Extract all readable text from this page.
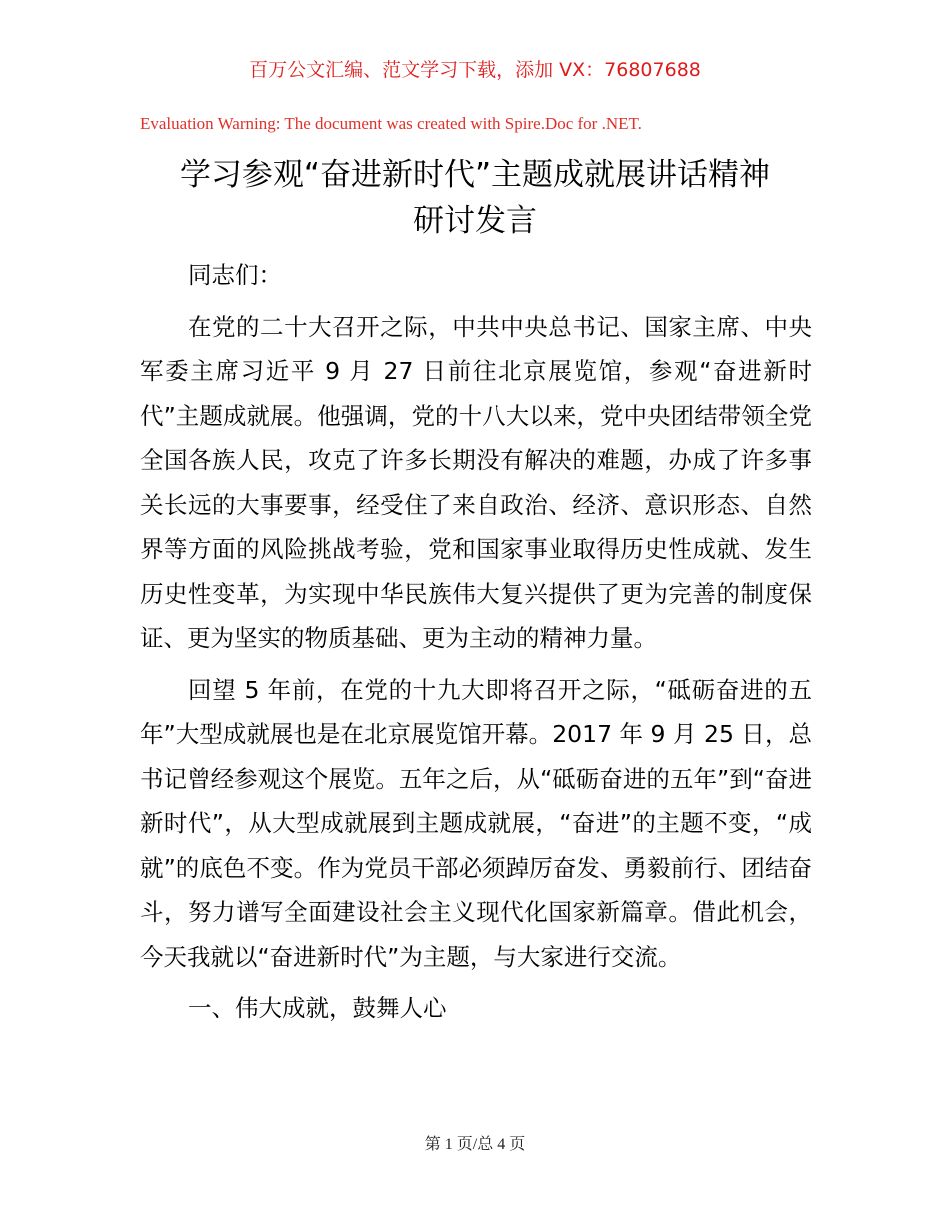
百万公文汇编、范文学习下载，添加 VX：76807688
Evaluation Warning: The document was created with Spire.Doc for .NET.
学习参观“奋进新时代”主题成就展讲话精神
研讨发言

同志们：

在党的二十大召开之际，中共中央总书记、国家主席、中央军委主席习近平 9 月 27 日前往北京展览馆，参观“奋进新时代”主题成就展。他强调，党的十八大以来，党中央团结带领全党全国各族人民，攻克了许多长期没有解决的难题，办成了许多事关长远的大事要事，经受住了来自政治、经济、意识形态、自然界等方面的风险挑战考验，党和国家事业取得历史性成就、发生历史性变革，为实现中华民族伟大复兴提供了更为完善的制度保证、更为坚实的物质基础、更为主动的精神力量。

回望 5 年前，在党的十九大即将召开之际，“砥砺奋进的五年”大型成就展也是在北京展览馆开幕。2017 年 9 月 25 日，总书记曾经参观这个展览。五年之后，从“砥砺奋进的五年”到“奋进新时代”，从大型成就展到主题成就展，“奋进”的主题不变，“成就”的底色不变。作为党员干部必须踔厉奋发、勇毅前行、团结奋斗，努力谱写全面建设社会主义现代化国家新篇章。借此机会，今天我就以“奋进新时代”为主题，与大家进行交流。

一、伟大成就，鼓舞人心

第 1 页/总 4 页
